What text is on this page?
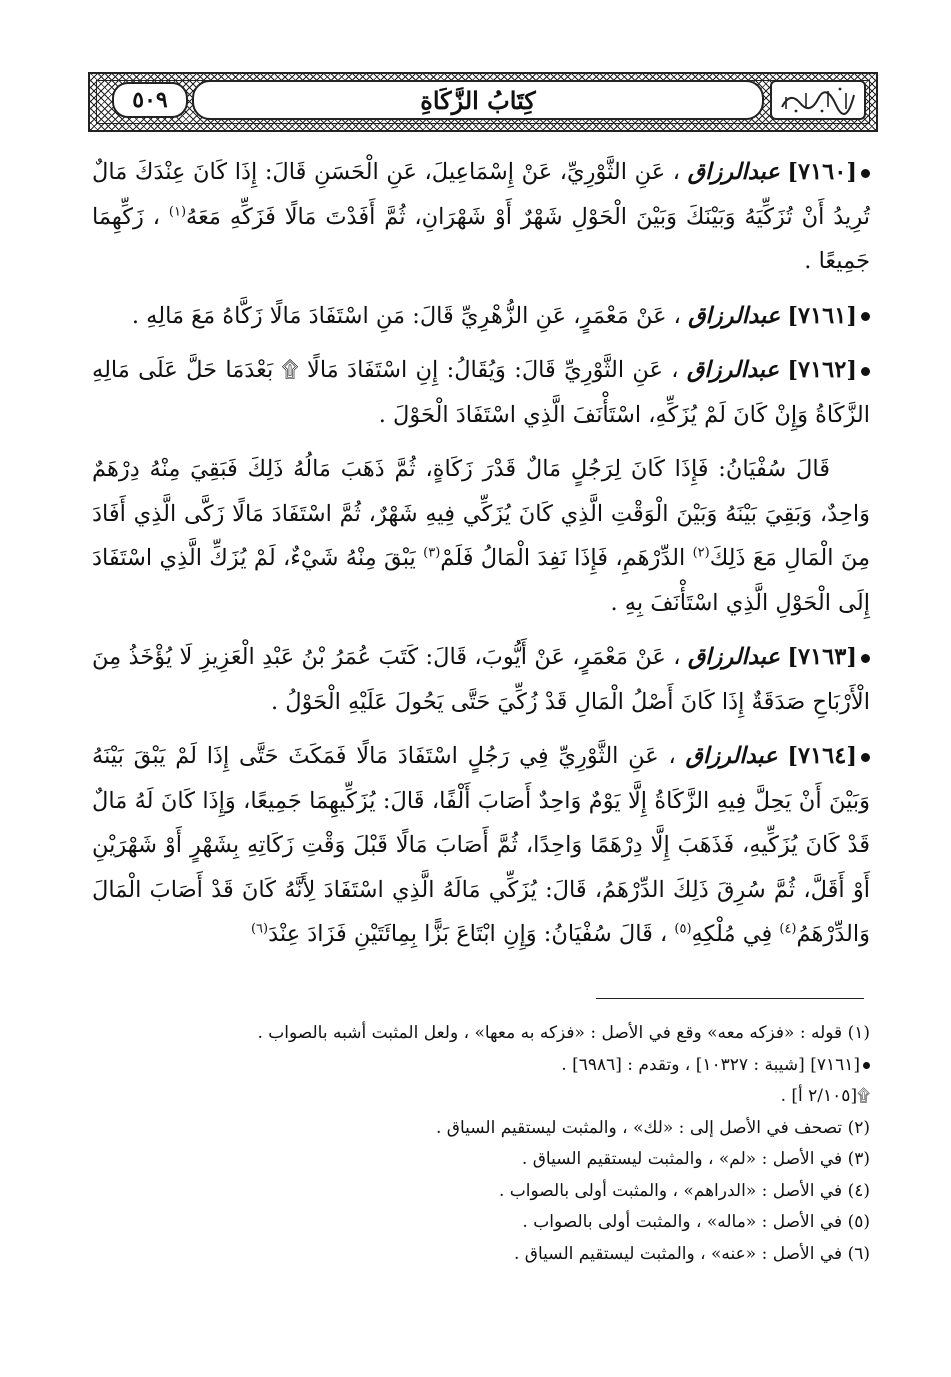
٥٠٩	كِتَابُ الزَّكَاةِ

[٧١٦٠] عبدالرزاق ، عَنِ الثَّوْرِيِّ، عَنْ إِسْمَاعِيلَ، عَنِ الْحَسَنِ قَالَ: إِذَا كَانَ عِنْدَكَ مَالٌ تُرِيدُ أَنْ تُزَكِّيَهُ وَبَيْنَكَ وَبَيْنَ الْحَوْلِ شَهْرٌ أَوْ شَهْرَانِ، ثُمَّ أَفَدْتَ مَالًا فَزَكِّهِ مَعَهُ$^{(١)}$ ، زَكِّهِمَا جَمِيعًا .

[٧١٦١] عبدالرزاق ، عَنْ مَعْمَرٍ، عَنِ الزُّهْرِيِّ قَالَ: مَنِ اسْتَفَادَ مَالًا زَكَّاهُ مَعَ مَالِهِ .

[٧١٦٢] عبدالرزاق ، عَنِ الثَّوْرِيِّ قَالَ: وَيُقَالُ: إِنِ اسْتَفَادَ مَالًا ۩ بَعْدَمَا حَلَّ عَلَى مَالِهِ الزَّكَاةُ وَإِنْ كَانَ لَمْ يُزَكِّهِ، اسْتَأْنَفَ الَّذِي اسْتَفَادَ الْحَوْلَ .

قَالَ سُفْيَانُ: فَإِذَا كَانَ لِرَجُلٍ مَالٌ قَدْرَ زَكَاةٍ، ثُمَّ ذَهَبَ مَالُهُ ذَلِكَ فَبَقِيَ مِنْهُ دِرْهَمٌ وَاحِدٌ، وَبَقِيَ بَيْنَهُ وَبَيْنَ الْوَقْتِ الَّذِي كَانَ يُزَكِّي فِيهِ شَهْرٌ، ثُمَّ اسْتَفَادَ مَالًا زَكَّى الَّذِي أَفَادَ مِنَ الْمَالِ مَعَ ذَلِكَ$^{(٢)}$ الدِّرْهَمِ، فَإِذَا نَفِدَ الْمَالُ فَلَمْ$^{(٣)}$ يَبْقَ مِنْهُ شَيْءٌ، لَمْ يُزَكِّ الَّذِي اسْتَفَادَ إِلَى الْحَوْلِ الَّذِي اسْتَأْنَفَ بِهِ .

[٧١٦٣] عبدالرزاق ، عَنْ مَعْمَرٍ، عَنْ أَيُّوبَ، قَالَ: كَتَبَ عُمَرُ بْنُ عَبْدِ الْعَزِيزِ لَا يُؤْخَذُ مِنَ الْأَرْبَاحِ صَدَقَةٌ إِذَا كَانَ أَصْلُ الْمَالِ قَدْ زُكِّيَ حَتَّى يَحُولَ عَلَيْهِ الْحَوْلُ .

[٧١٦٤] عبدالرزاق ، عَنِ الثَّوْرِيِّ فِي رَجُلٍ اسْتَفَادَ مَالًا فَمَكَثَ حَتَّى إِذَا لَمْ يَبْقَ بَيْنَهُ وَبَيْنَ أَنْ يَحِلَّ فِيهِ الزَّكَاةُ إِلَّا يَوْمٌ وَاحِدٌ أَصَابَ أَلْفًا، قَالَ: يُزَكِّيهِمَا جَمِيعًا، وَإِذَا كَانَ لَهُ مَالٌ قَدْ كَانَ يُزَكِّيهِ، فَذَهَبَ إِلَّا دِرْهَمًا وَاحِدًا، ثُمَّ أَصَابَ مَالًا قَبْلَ وَقْتِ زَكَاتِهِ بِشَهْرٍ أَوْ شَهْرَيْنِ أَوْ أَقَلَّ، ثُمَّ سُرِقَ ذَلِكَ الدِّرْهَمُ، قَالَ: يُزَكِّي مَالَهُ الَّذِي اسْتَفَادَ لِأَنَّهُ كَانَ قَدْ أَصَابَ الْمَالَ وَالدِّرْهَمُ$^{(٤)}$ فِي مُلْكِهِ$^{(٥)}$ ، قَالَ سُفْيَانُ: وَإِنِ ابْتَاعَ بَزًّا بِمِائَتَيْنِ فَزَادَ عِنْدَ$^{(٦)}$

(١) قوله : «فزكه معه» وقع في الأصل : «فزكه به معها» ، ولعل المثبت أشبه بالصواب .
[٧١٦١] [شيبة : ١٠٣٢٧] ، وتقدم : [٦٩٨٦] .
۩[٢/١٠٥ أ] .
(٢) تصحف في الأصل إلى : «لك» ، والمثبت ليستقيم السياق .
(٣) في الأصل : «لم» ، والمثبت ليستقيم السياق .
(٤) في الأصل : «الدراهم» ، والمثبت أولى بالصواب .
(٥) في الأصل : «ماله» ، والمثبت أولى بالصواب .
(٦) في الأصل : «عنه» ، والمثبت ليستقيم السياق .
